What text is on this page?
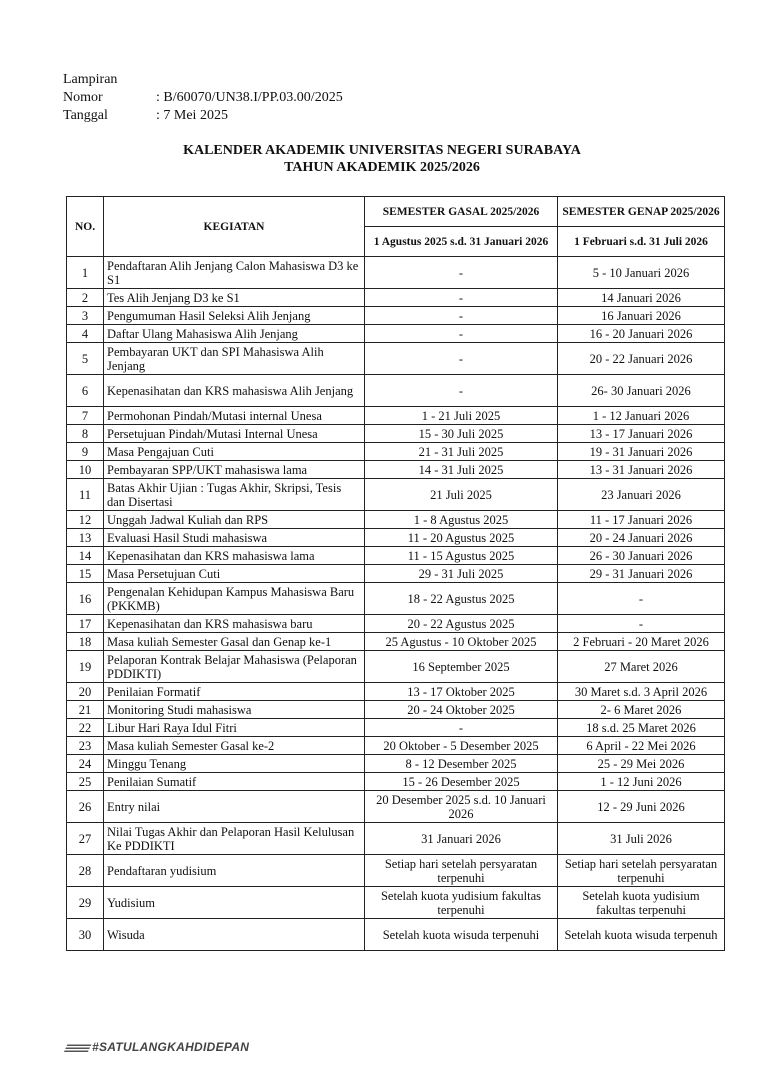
Lampiran
Nomor	: B/60070/UN38.I/PP.03.00/2025
Tanggal	: 7 Mei 2025
KALENDER AKADEMIK UNIVERSITAS NEGERI SURABAYA
TAHUN AKADEMIK 2025/2026
NO.	KEGIATAN	SEMESTER GASAL 2025/2026	SEMESTER GENAP 2025/2026
		1 Agustus 2025 s.d. 31 Januari 2026	1 Februari s.d. 31 Juli 2026
1	Pendaftaran Alih Jenjang Calon Mahasiswa D3 ke S1	-	5 - 10 Januari 2026
2	Tes Alih Jenjang D3 ke S1	-	14 Januari 2026
3	Pengumuman Hasil Seleksi Alih Jenjang	-	16 Januari 2026
4	Daftar Ulang Mahasiswa Alih Jenjang	-	16 - 20 Januari 2026
5	Pembayaran UKT dan SPI Mahasiswa Alih Jenjang	-	20 - 22 Januari 2026
6	Kepenasihatan dan KRS mahasiswa Alih Jenjang	-	26- 30 Januari 2026
7	Permohonan Pindah/Mutasi internal Unesa	1 - 21 Juli 2025	1 - 12 Januari 2026
8	Persetujuan Pindah/Mutasi Internal Unesa	15 - 30 Juli 2025	13 - 17 Januari 2026
9	Masa Pengajuan Cuti	21 - 31 Juli 2025	19 - 31 Januari 2026
10	Pembayaran SPP/UKT mahasiswa lama	14 - 31 Juli 2025	13 - 31 Januari 2026
11	Batas Akhir Ujian : Tugas Akhir, Skripsi, Tesis dan Disertasi	21 Juli 2025	23 Januari 2026
12	Unggah Jadwal Kuliah dan RPS	1 - 8 Agustus 2025	11 - 17 Januari 2026
13	Evaluasi Hasil Studi mahasiswa	11 - 20 Agustus 2025	20 - 24 Januari 2026
14	Kepenasihatan dan KRS mahasiswa lama	11 - 15 Agustus 2025	26 - 30 Januari 2026
15	Masa Persetujuan Cuti	29 - 31 Juli 2025	29 - 31 Januari 2026
16	Pengenalan Kehidupan Kampus Mahasiswa Baru (PKKMB)	18 - 22 Agustus 2025	-
17	Kepenasihatan dan KRS mahasiswa baru	20 - 22 Agustus 2025	-
18	Masa kuliah Semester Gasal dan Genap ke-1	25 Agustus - 10 Oktober 2025	2 Februari - 20 Maret 2026
19	Pelaporan Kontrak Belajar Mahasiswa (Pelaporan PDDIKTI)	16 September 2025	27 Maret 2026
20	Penilaian Formatif	13 - 17 Oktober 2025	30 Maret s.d. 3 April 2026
21	Monitoring Studi mahasiswa	20 - 24 Oktober 2025	2- 6 Maret 2026
22	Libur Hari Raya Idul Fitri	-	18 s.d. 25 Maret 2026
23	Masa kuliah Semester Gasal ke-2	20 Oktober - 5 Desember 2025	6 April - 22 Mei 2026
24	Minggu Tenang	8 - 12 Desember 2025	25 - 29 Mei 2026
25	Penilaian Sumatif	15 - 26 Desember 2025	1 - 12 Juni 2026
26	Entry nilai	20 Desember 2025 s.d. 10 Januari 2026	12 - 29 Juni 2026
27	Nilai Tugas Akhir dan Pelaporan Hasil Kelulusan Ke PDDIKTI	31 Januari 2026	31 Juli 2026
28	Pendaftaran yudisium	Setiap hari setelah persyaratan terpenuhi	Setiap hari setelah persyaratan terpenuhi
29	Yudisium	Setelah kuota yudisium fakultas terpenuhi	Setelah kuota yudisium fakultas terpenuhi
30	Wisuda	Setelah kuota wisuda terpenuhi	Setelah kuota wisuda terpenuh
#SATULANGKAHDIDEPAN
